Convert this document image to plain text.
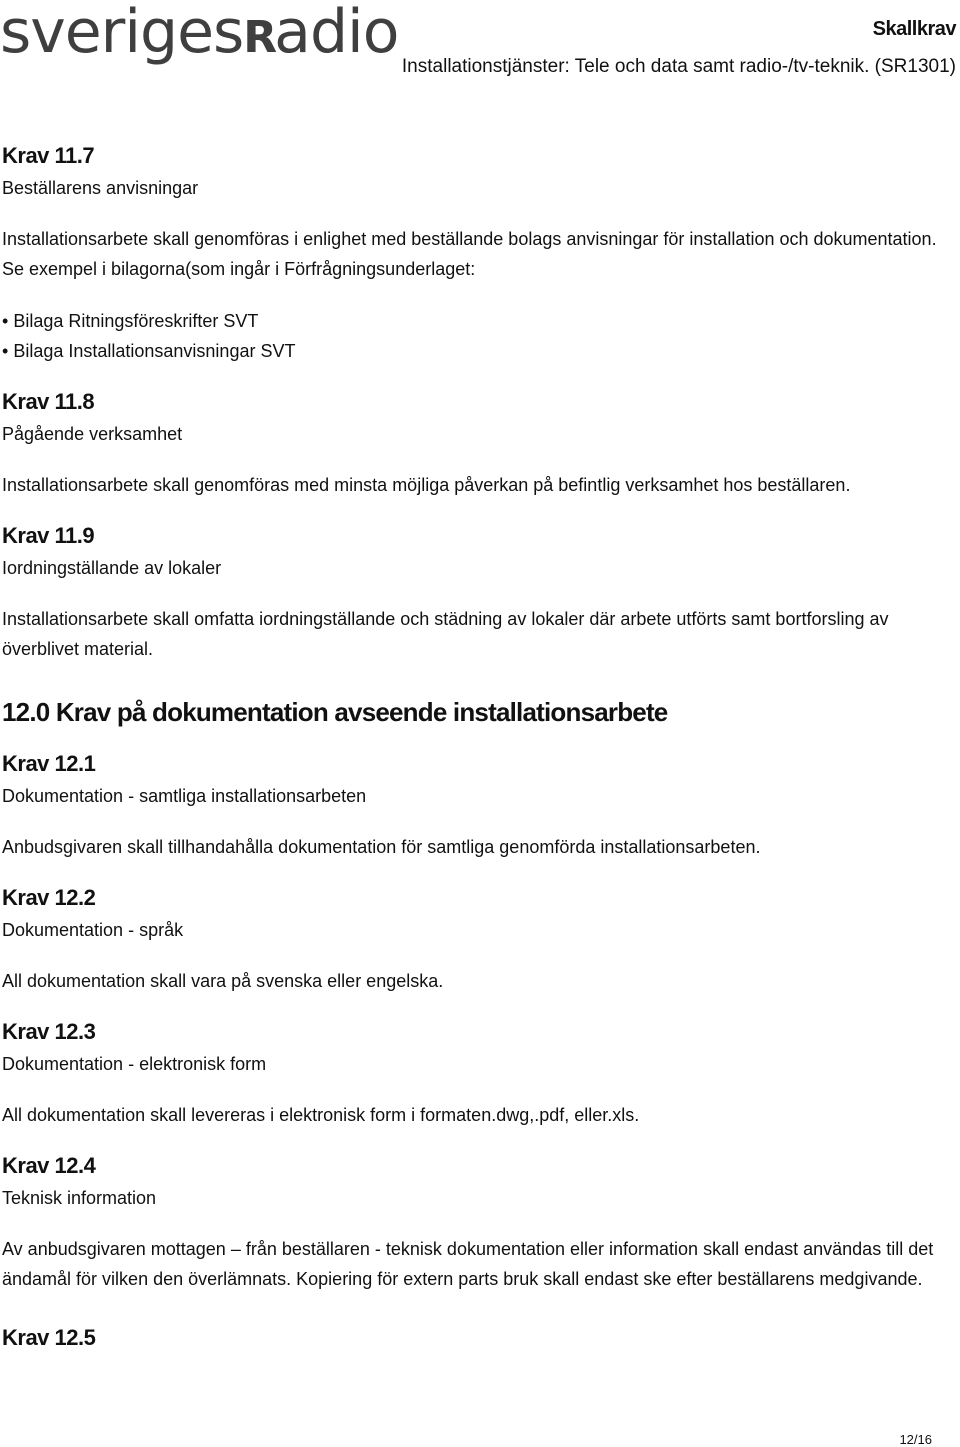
sverigesRadio	Skallkrav
Installationstjänster: Tele och data samt radio-/tv-teknik. (SR1301)
Krav 11.7
Beställarens anvisningar

Installationsarbete skall genomföras i enlighet med beställande bolags anvisningar för installation och dokumentation.

Se exempel i bilagorna(som ingår i Förfrågningsunderlaget:

• Bilaga Ritningsföreskrifter SVT
• Bilaga Installationsanvisningar SVT
Krav 11.8
Pågående verksamhet

Installationsarbete skall genomföras med minsta möjliga påverkan på befintlig verksamhet hos beställaren.

Krav 11.9
Iordningställande av lokaler

Installationsarbete skall omfatta iordningställande och städning av lokaler där arbete utförts samt bortforsling av överblivet material.

12.0 Krav på dokumentation avseende installationsarbete
Krav 12.1
Dokumentation - samtliga installationsarbeten

Anbudsgivaren skall tillhandahålla dokumentation för samtliga genomförda installationsarbeten.

Krav 12.2
Dokumentation - språk

All dokumentation skall vara på svenska eller engelska.

Krav 12.3
Dokumentation - elektronisk form

All dokumentation skall levereras i elektronisk form i formaten.dwg,.pdf, eller.xls.

Krav 12.4
Teknisk information

Av anbudsgivaren mottagen – från beställaren - teknisk dokumentation eller information skall endast användas till det ändamål för vilken den överlämnats. Kopiering för extern parts bruk skall endast ske efter beställarens medgivande.

Krav 12.5
12/16
